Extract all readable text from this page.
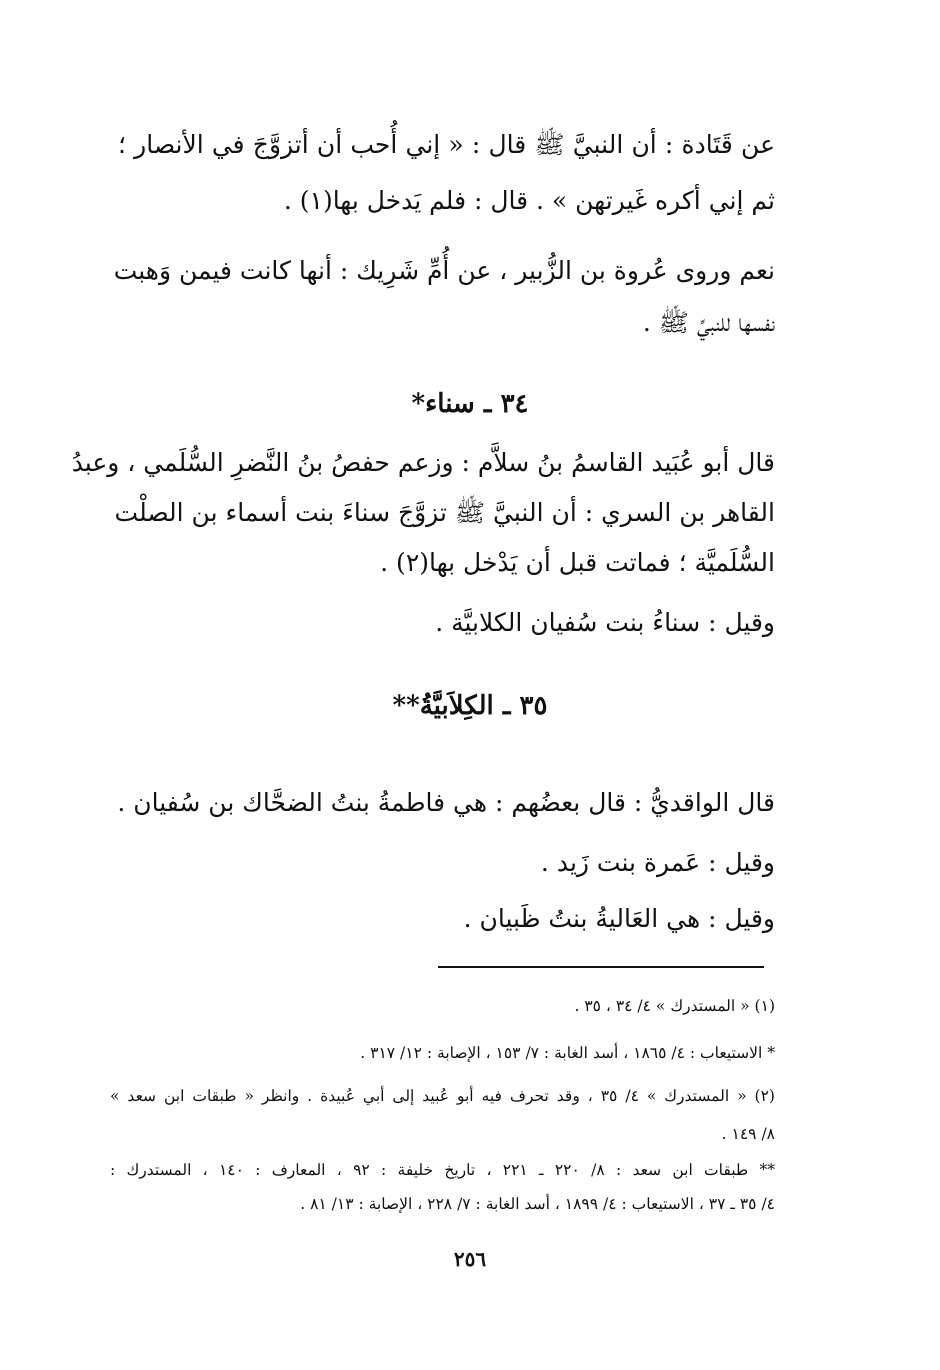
عن قَتَادة : أن النبيَّ ﷺ قال : « إني أُحب أن أتزوَّجَ في الأنصار ؛
ثم إني أكره غَيرتهن » . قال : فلم يَدخل بها(١) .
نعم وروى عُروة بن الزُّبير ، عن أُمِّ شَرِيك : أنها كانت فيمن وَهبت
نفسها للنبيِّ ﷺ .
٣٤ ـ سناء*
قال أبو عُبَيد القاسمُ بنُ سلاَّم : وزعم حفصُ بنُ النَّضرِ السُّلَمي ، وعبدُ
القاهر بن السري : أن النبيَّ ﷺ تزوَّجَ سناءَ بنت أسماء بن الصلْت
السُّلَميَّة ؛ فماتت قبل أن يَدْخل بها(٢) .
وقيل : سناءُ بنت سُفيان الكلابيَّة .
٣٥ ـ الكِلاَبيَّةُ**
قال الواقديُّ : قال بعضُهم : هي فاطمةُ بنتُ الضحَّاك بن سُفيان .
وقيل : عَمرة بنت زَيد .
وقيل : هي العَاليةُ بنتُ ظَبيان .
(١) « المستدرك » ٤/ ٣٤ ، ٣٥ .
* الاستيعاب : ٤/ ١٨٦٥ ، أسد الغابة : ٧/ ١٥٣ ، الإصابة : ١٢/ ٣١٧ .
(٢) « المستدرك » ٤/ ٣٥ ، وقد تحرف فيه أبو عُبيد إلى أبي عُبيدة . وانظر « طبقات ابن سعد »
٨/ ١٤٩ .
** طبقات ابن سعد : ٨/ ٢٢٠ ـ ٢٢١ ، تاريخ خليفة : ٩٢ ، المعارف : ١٤٠ ، المستدرك :
٤/ ٣٥ ـ ٣٧ ، الاستيعاب : ٤/ ١٨٩٩ ، أسد الغابة : ٧/ ٢٢٨ ، الإصابة : ١٣/ ٨١ .
٢٥٦
